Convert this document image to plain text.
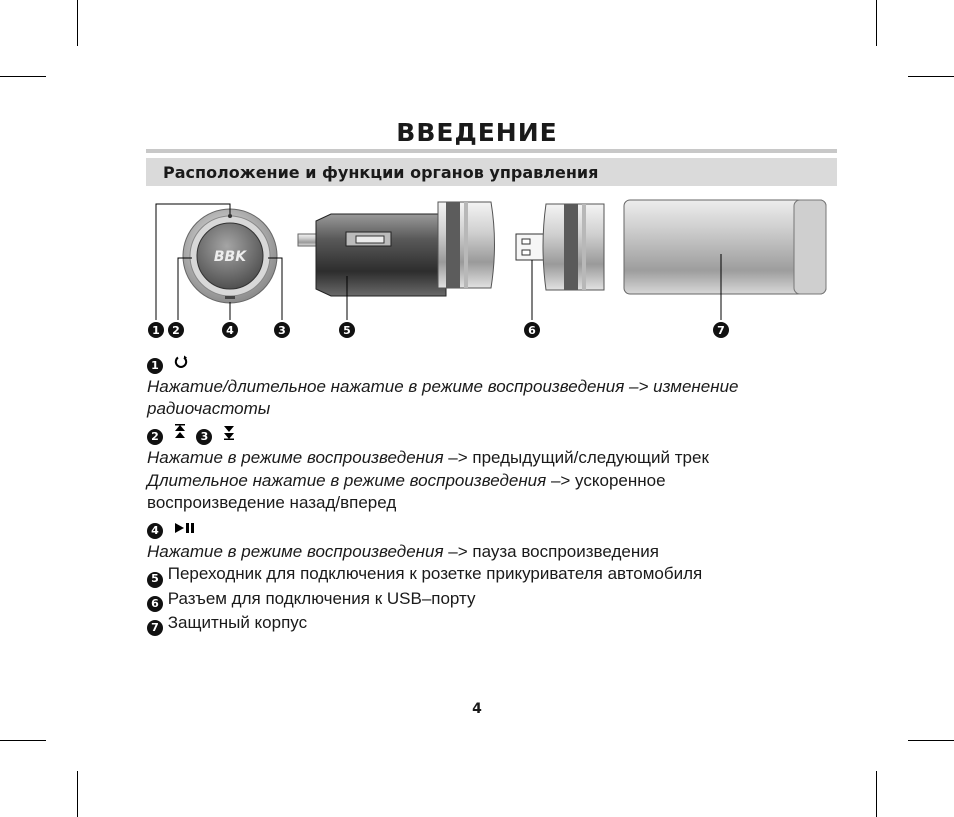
ВВЕДЕНИЕ
Расположение и функции органов управления
BBK
1	2	4	3	5	6	7
1
Нажатие/длительное нажатие в режиме воспроизведения –> изменение
радиочастоты
2	3
Нажатие в режиме воспроизведения –> предыдущий/следующий трек
Длительное нажатие в режиме воспроизведения –> ускоренное
воспроизведение назад/вперед
4
Нажатие в режиме воспроизведения –> пауза воспроизведения
5 Переходник для подключения к розетке прикуривателя автомобиля
6 Разъем для подключения к USB–порту
7 Защитный корпус
4
